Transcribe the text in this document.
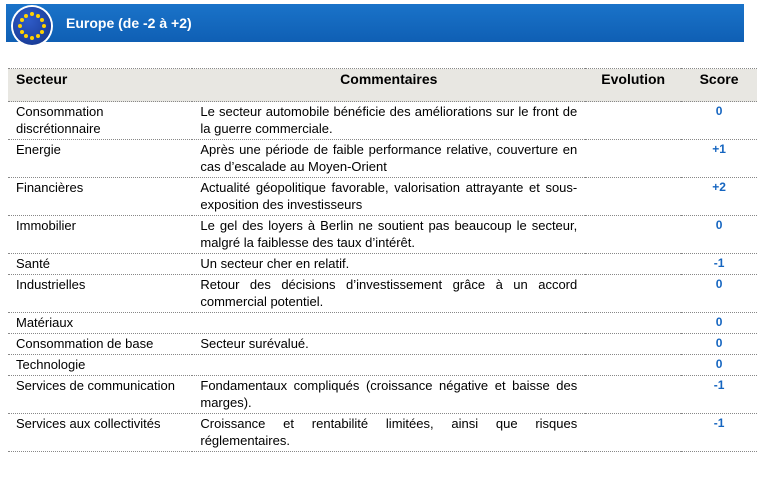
Europe (de -2 à +2)
Secteur	Commentaires	Evolution	Score
Consommation discrétionnaire	Le secteur automobile bénéficie des améliorations sur le front de la guerre commerciale.		0
Energie	Après une période de faible performance relative, couverture en cas d’escalade au Moyen-Orient		+1
Financières	Actualité géopolitique favorable, valorisation attrayante et sous-exposition des investisseurs		+2
Immobilier	Le gel des loyers à Berlin ne soutient pas beaucoup le secteur, malgré la faiblesse des taux d’intérêt.		0
Santé	Un secteur cher en relatif.		-1
Industrielles	Retour des décisions d’investissement grâce à un accord commercial potentiel.		0
Matériaux			0
Consommation de base	Secteur surévalué.		0
Technologie			0
Services de communication	Fondamentaux compliqués (croissance négative et baisse des marges).		-1
Services aux collectivités	Croissance et rentabilité limitées, ainsi que risques réglementaires.		-1
